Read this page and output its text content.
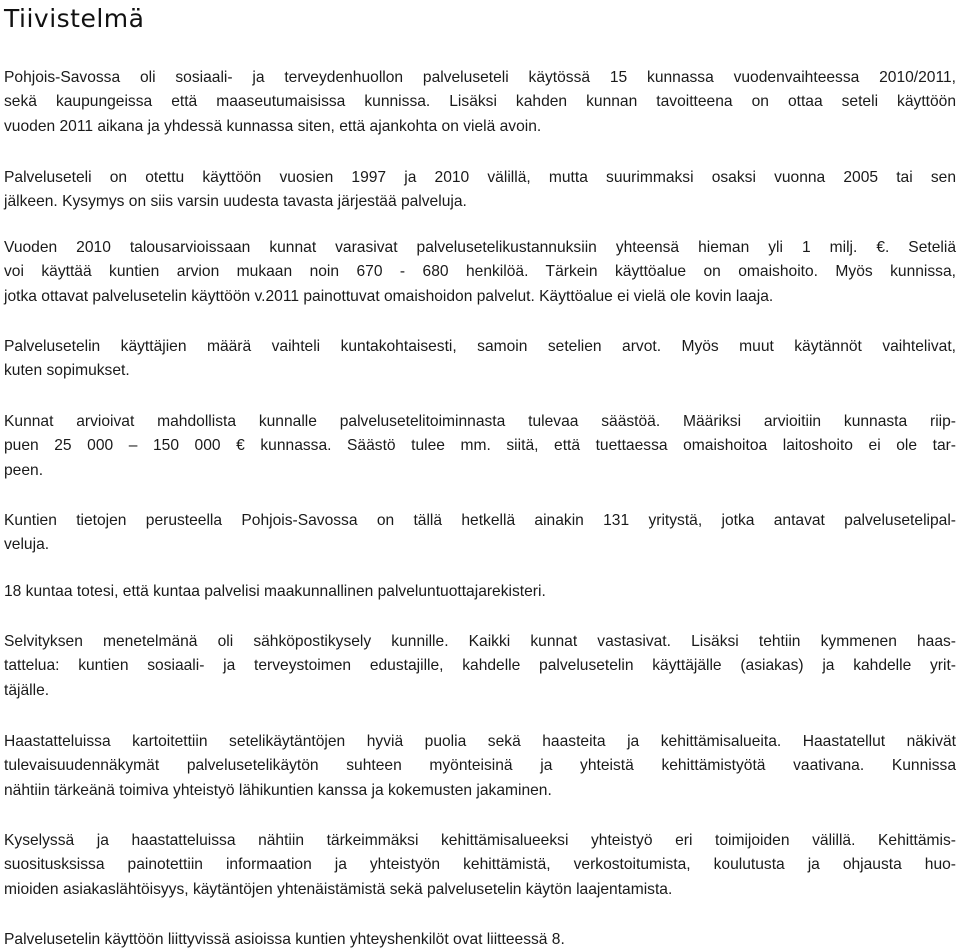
Tiivistelmä

Pohjois-Savossa oli sosiaali- ja terveydenhuollon palveluseteli käytössä 15 kunnassa vuodenvaihteessa 2010/2011,
sekä kaupungeissa että maaseutumaisissa kunnissa. Lisäksi kahden kunnan tavoitteena on ottaa seteli käyttöön
vuoden 2011 aikana ja yhdessä kunnassa siten, että ajankohta on vielä avoin.

Palveluseteli on otettu käyttöön vuosien 1997 ja 2010 välillä, mutta suurimmaksi osaksi vuonna 2005 tai sen
jälkeen. Kysymys on siis varsin uudesta tavasta järjestää palveluja.

Vuoden 2010 talousarvioissaan kunnat varasivat palvelusetelikustannuksiin yhteensä hieman yli 1 milj. €. Seteliä
voi käyttää kuntien arvion mukaan noin 670 - 680 henkilöä. Tärkein käyttöalue on omaishoito. Myös kunnissa,
jotka ottavat palvelusetelin käyttöön v.2011 painottuvat omaishoidon palvelut. Käyttöalue ei vielä ole kovin laaja.

Palvelusetelin käyttäjien määrä vaihteli kuntakohtaisesti, samoin setelien arvot. Myös muut käytännöt vaihtelivat,
kuten sopimukset.

Kunnat arvioivat mahdollista kunnalle palvelusetelitoiminnasta tulevaa säästöä. Määriksi arvioitiin kunnasta riip-
puen 25 000 – 150 000 € kunnassa. Säästö tulee mm. siitä, että tuettaessa omaishoitoa laitoshoito ei ole tar-
peen.

Kuntien tietojen perusteella Pohjois-Savossa on tällä hetkellä ainakin 131 yritystä, jotka antavat palvelusetelipal-
veluja.

18 kuntaa totesi, että kuntaa palvelisi maakunnallinen palveluntuottajarekisteri.

Selvityksen menetelmänä oli sähköpostikysely kunnille. Kaikki kunnat vastasivat. Lisäksi tehtiin kymmenen haas-
tattelua: kuntien sosiaali- ja terveystoimen edustajille, kahdelle palvelusetelin käyttäjälle (asiakas) ja kahdelle yrit-
täjälle.

Haastatteluissa kartoitettiin setelikäytäntöjen hyviä puolia sekä haasteita ja kehittämisalueita. Haastatellut näkivät
tulevaisuudennäkymät palvelusetelikäytön suhteen myönteisinä ja yhteistä kehittämistyötä vaativana. Kunnissa
nähtiin tärkeänä toimiva yhteistyö lähikuntien kanssa ja kokemusten jakaminen.

Kyselyssä ja haastatteluissa nähtiin tärkeimmäksi kehittämisalueeksi yhteistyö eri toimijoiden välillä. Kehittämis-
suositusksissa painotettiin informaation ja yhteistyön kehittämistä, verkostoitumista, koulutusta ja ohjausta huo-
mioiden asiakaslähtöisyys, käytäntöjen yhtenäistämistä sekä palvelusetelin käytön laajentamista.

Palvelusetelin käyttöön liittyvissä asioissa kuntien yhteyshenkilöt ovat liitteessä 8.
